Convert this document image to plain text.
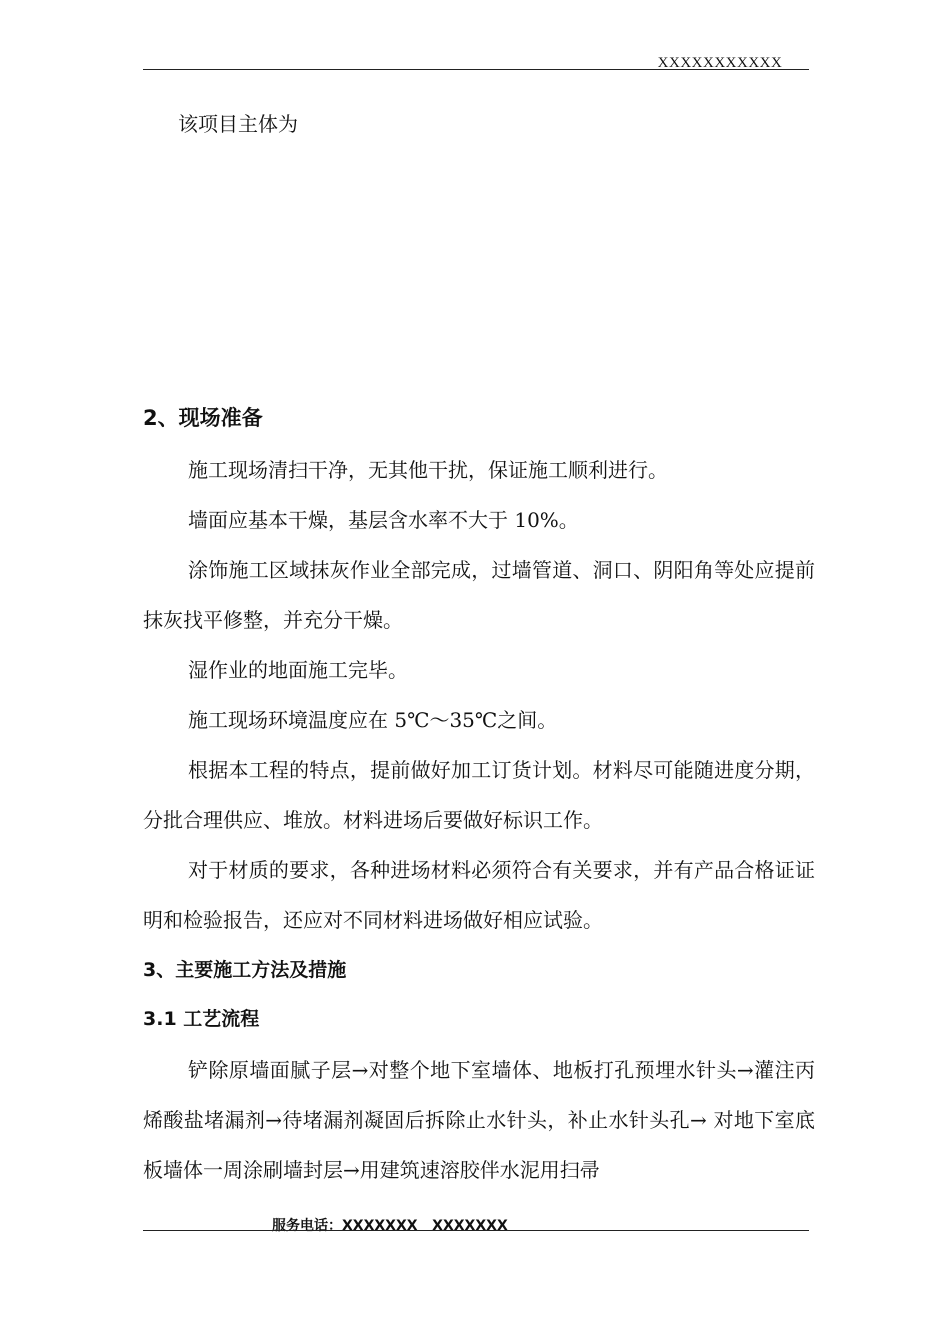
XXXXXXXXXXX

该项目主体为

2、现场准备

施工现场清扫干净，无其他干扰，保证施工顺利进行。

墙面应基本干燥，基层含水率不大于 10%。

涂饰施工区域抹灰作业全部完成，过墙管道、洞口、阴阳角等处应提前抹灰找平修整，并充分干燥。

湿作业的地面施工完毕。

施工现场环境温度应在 5℃～35℃之间。

根据本工程的特点，提前做好加工订货计划。材料尽可能随进度分期，分批合理供应、堆放。材料进场后要做好标识工作。

对于材质的要求，各种进场材料必须符合有关要求，并有产品合格证证明和检验报告，还应对不同材料进场做好相应试验。

3、主要施工方法及措施

3.1 工艺流程

铲除原墙面腻子层→对整个地下室墙体、地板打孔预埋水针头→灌注丙烯酸盐堵漏剂→待堵漏剂凝固后拆除止水针头，补止水针头孔→ 对地下室底板墙体一周涂刷墙封层→用建筑速溶胶伴水泥用扫帚

服务电话：XXXXXXX   XXXXXXX
